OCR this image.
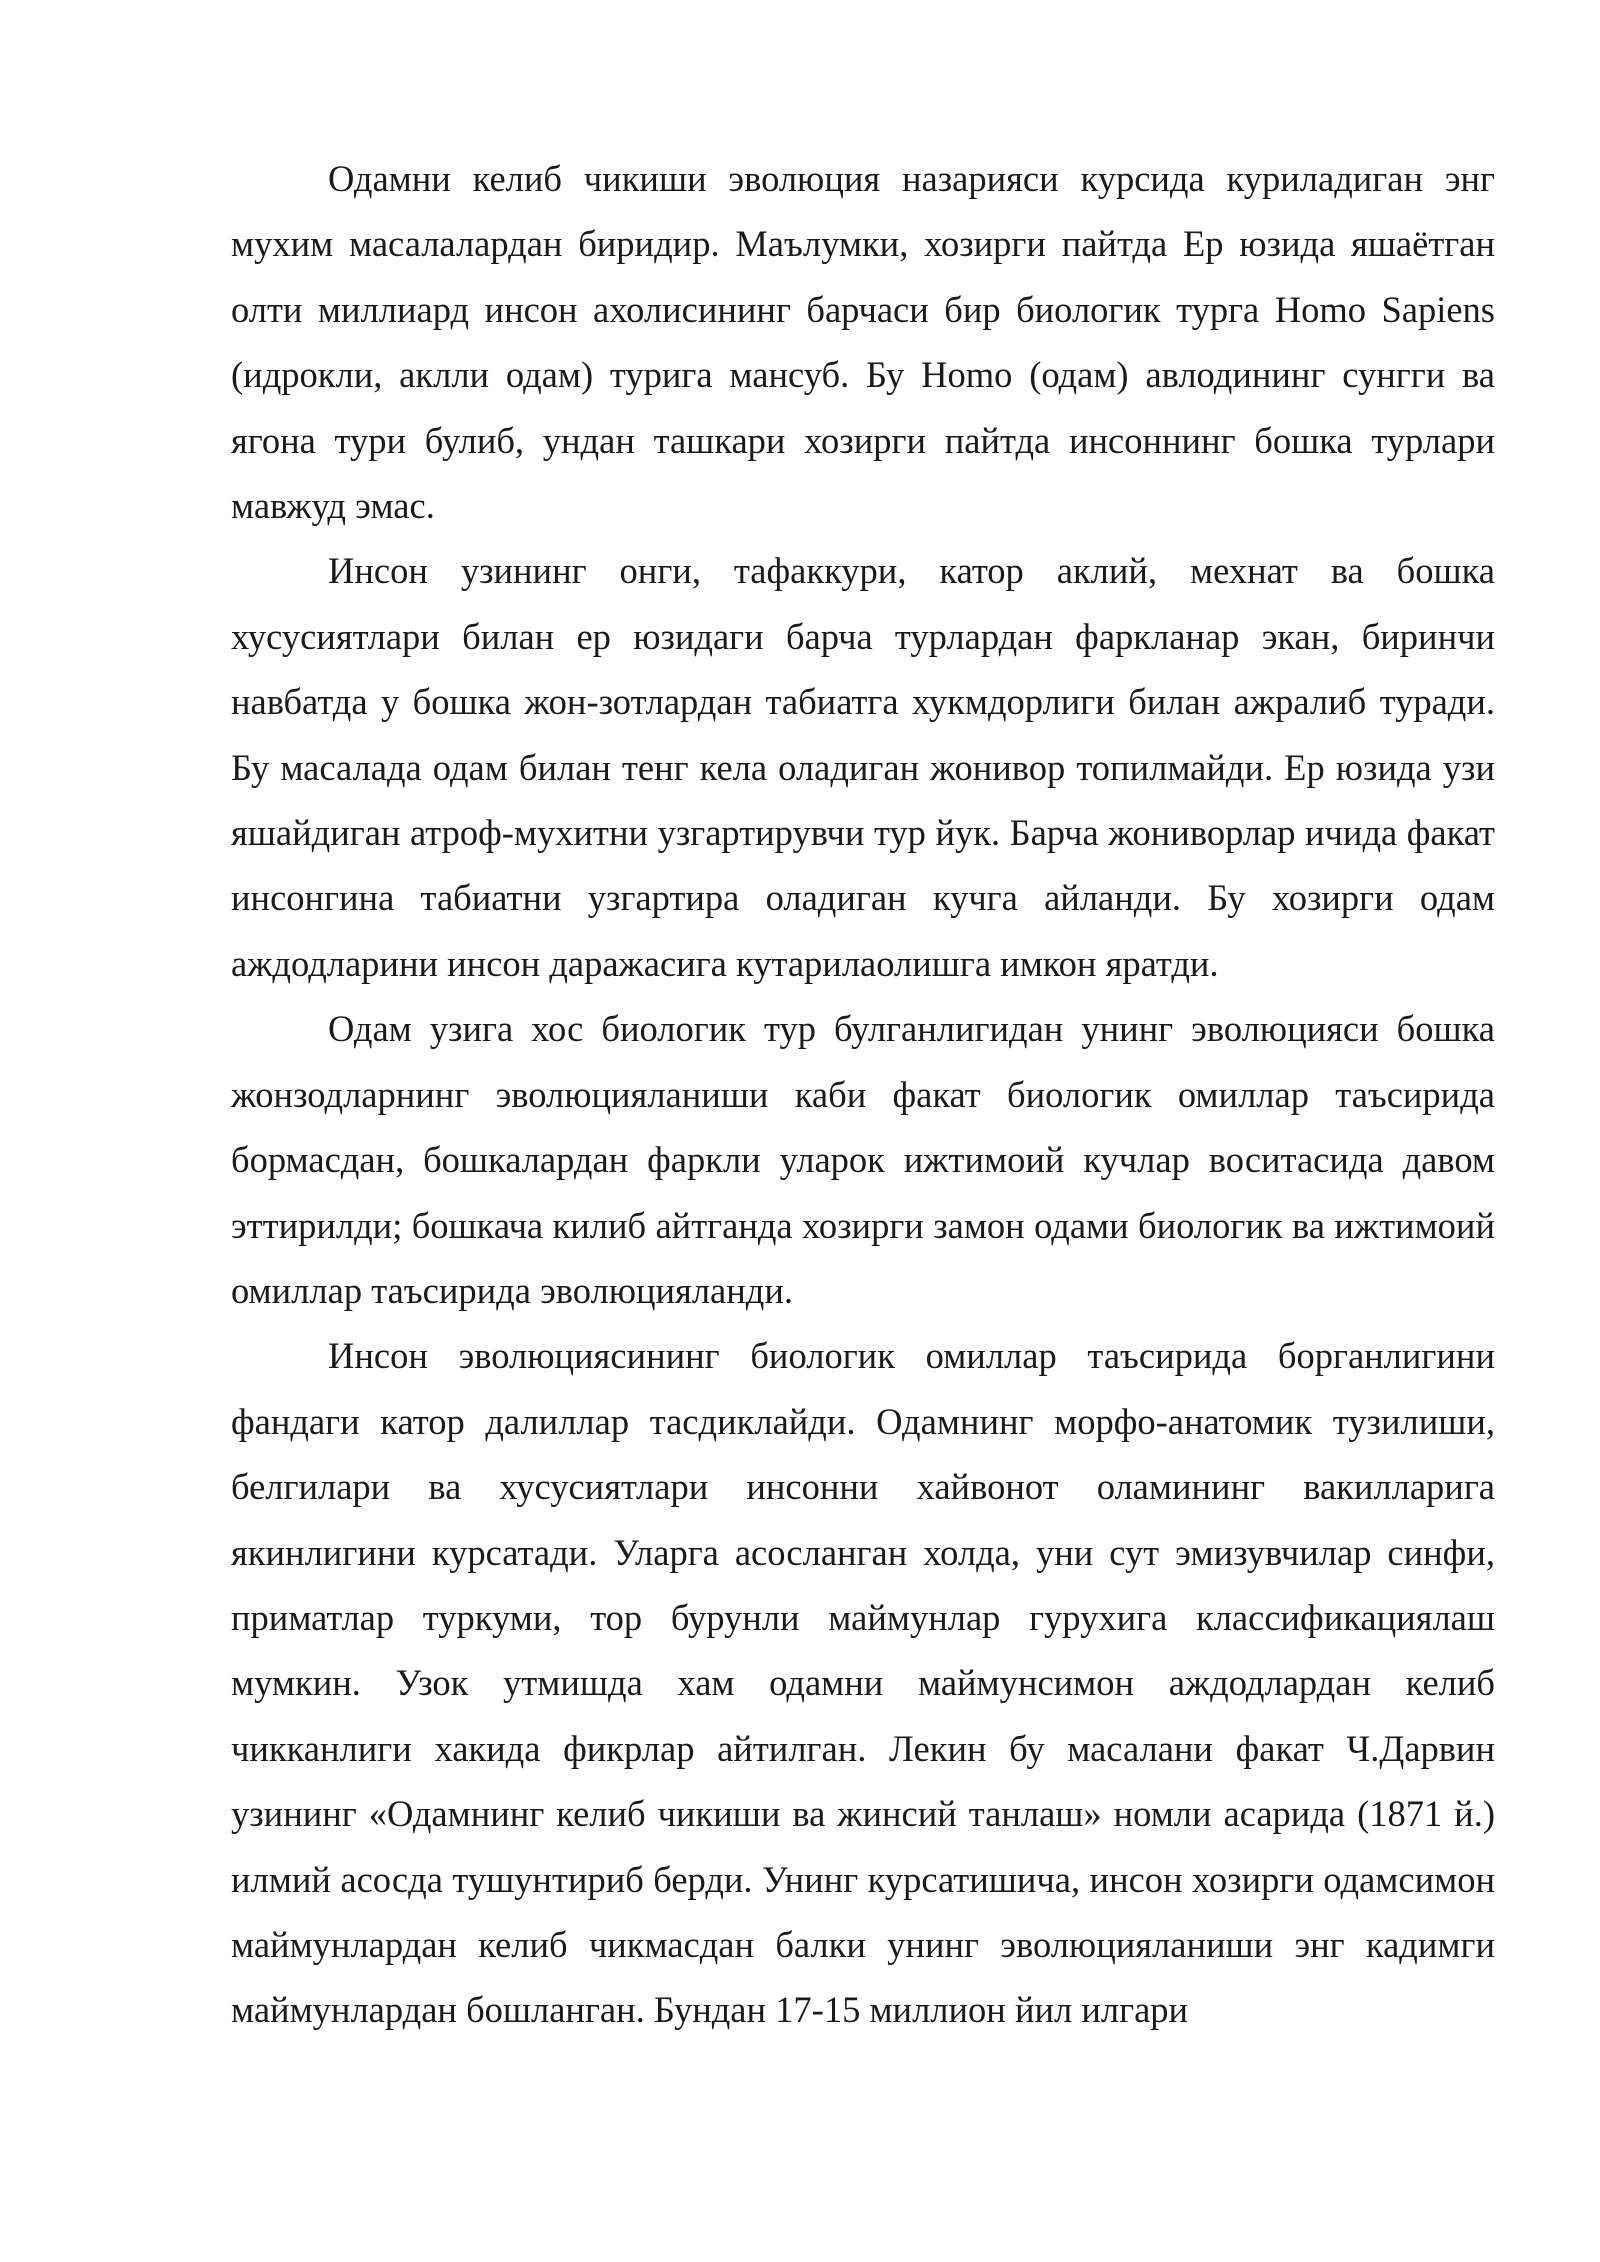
Одамни келиб чикиши эволюция назарияси курсида куриладиган энг мухим масалалардан биридир. Маълумки, хозирги пайтда Ер юзида яшаётган олти миллиард инсон ахолисининг барчаси бир биологик турга Homo Sapiens (идрокли, аклли одам) турига мансуб. Бу Homo (одам) авлодининг сунгги ва ягона тури булиб, ундан ташкари хозирги пайтда инсоннинг бошка турлари мавжуд эмас.

Инсон узининг онги, тафаккури, катор аклий, мехнат ва бошка хусусиятлари билан ер юзидаги барча турлардан фаркланар экан, биринчи навбатда у бошка жон-зотлардан табиатга хукмдорлиги билан ажралиб туради. Бу масалада одам билан тенг кела оладиган жонивор топилмайди. Ер юзида узи яшайдиган атроф-мухитни узгартирувчи тур йук. Барча жониворлар ичида факат инсонгина табиатни узгартира оладиган кучга айланди. Бу хозирги одам аждодларини инсон даражасига кутарилаолишга имкон яратди.

Одам узига хос биологик тур булганлигидан унинг эволюцияси бошка жонзодларнинг эволюцияланиши каби факат биологик омиллар таъсирида бормасдан, бошкалардан фаркли уларок ижтимоий кучлар воситасида давом эттирилди; бошкача килиб айтганда хозирги замон одами биологик ва ижтимоий омиллар таъсирида эволюцияланди.

Инсон эволюциясининг биологик омиллар таъсирида борганлигини фандаги катор далиллар тасдиклайди. Одамнинг морфо-анатомик тузилиши, белгилари ва хусусиятлари инсонни хайвонот оламининг вакилларига якинлигини курсатади. Уларга асосланган холда, уни сут эмизувчилар синфи, приматлар туркуми, тор бурунли маймунлар гурухига классификациялаш мумкин. Узок утмишда хам одамни маймунсимон аждодлардан келиб чикканлиги хакида фикрлар айтилган. Лекин бу масалани факат Ч.Дарвин узининг «Одамнинг келиб чикиши ва жинсий танлаш» номли асарида (1871 й.) илмий асосда тушунтириб берди. Унинг курсатишича, инсон хозирги одамсимон маймунлардан келиб чикмасдан балки унинг эволюцияланиши энг кадимги маймунлардан бошланган. Бундан 17-15 миллион йил илгари
